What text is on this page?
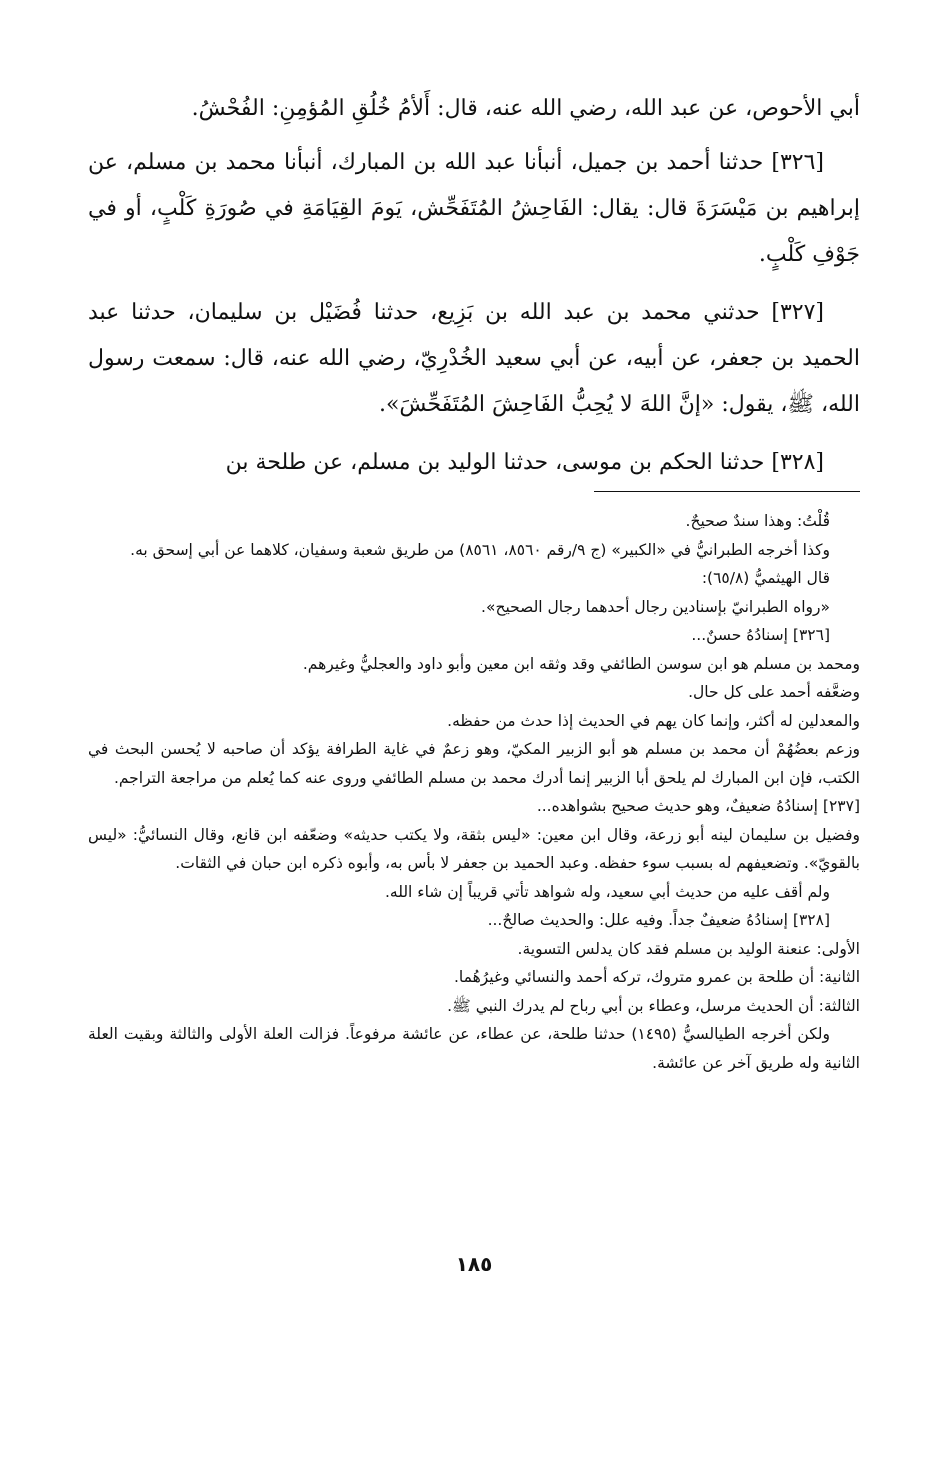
أبي الأحوص، عن عبد الله، رضي الله عنه، قال: أَلأمُ خُلُقِ المُؤمِنِ: الفُحْشُ.

[٣٢٦] حدثنا أحمد بن جميل، أنبأنا عبد الله بن المبارك، أنبأنا محمد بن مسلم، عن إبراهيم بن مَيْسَرَةَ قال: يقال: الفَاحِشُ المُتَفَحِّش، يَومَ القِيَامَةِ في صُورَةِ كَلْبٍ، أو في جَوْفِ كَلْبٍ.

[٣٢٧] حدثني محمد بن عبد الله بن بَزِيع، حدثنا فُضَيْل بن سليمان، حدثنا عبد الحميد بن جعفر، عن أبيه، عن أبي سعيد الخُدْرِيّ، رضي الله عنه، قال: سمعت رسول الله، ﷺ، يقول: «إنَّ اللهَ لا يُحِبُّ الفَاحِشَ المُتَفَحِّشَ».

[٣٢٨] حدثنا الحكم بن موسى، حدثنا الوليد بن مسلم، عن طلحة بن

قُلْتُ: وهذا سندٌ صحيحٌ.

وكذا أخرجه الطبرانيُّ في «الكبير» (ج ٩/رقم ٨٥٦٠، ٨٥٦١) من طريق شعبة وسفيان، كلاهما عن أبي إسحق به.

قال الهيثميُّ (٦٥/٨):

«رواه الطبرانيّ بإسنادين رجال أحدهما رجال الصحيح».

[٣٢٦] إسنادُهُ حسنٌ...

ومحمد بن مسلم هو ابن سوسن الطائفي وقد وثقه ابن معين وأبو داود والعجليُّ وغيرهم.

وضعَّفه أحمد على كل حال.

والمعدلين له أكثر، وإنما كان يهم في الحديث إذا حدث من حفظه.

وزعم بعضُهُمْ أن محمد بن مسلم هو أبو الزبير المكيّ، وهو زعمٌ في غاية الطرافة يؤكد أن صاحبه لا يُحسن البحث في الكتب، فإن ابن المبارك لم يلحق أبا الزبير إنما أدرك محمد بن مسلم الطائفي وروى عنه كما يُعلم من مراجعة التراجم.

[٢٣٧] إسنادُهُ ضعيفٌ، وهو حديث صحيح بشواهده...

وفضيل بن سليمان لينه أبو زرعة، وقال ابن معين: «ليس بثقة، ولا يكتب حديثه» وضعّفه ابن قانع، وقال النسائيُّ: «ليس بالقويّ». وتضعيفهم له بسبب سوء حفظه. وعبد الحميد بن جعفر لا بأس به، وأبوه ذكره ابن حبان في الثقات.

ولم أقف عليه من حديث أبي سعيد، وله شواهد تأتي قريباً إن شاء الله.

[٣٢٨] إسنادُهُ ضعيفٌ جداً. وفيه علل: والحديث صالحٌ...

الأولى: عنعنة الوليد بن مسلم فقد كان يدلس التسوية.

الثانية: أن طلحة بن عمرو متروك، تركه أحمد والنسائي وغيرُهُما.

الثالثة: أن الحديث مرسل، وعطاء بن أبي رباح لم يدرك النبي ﷺ.

ولكن أخرجه الطيالسيُّ (١٤٩٥) حدثنا طلحة، عن عطاء، عن عائشة مرفوعاً. فزالت العلة الأولى والثالثة وبقيت العلة الثانية وله طريق آخر عن عائشة.

١٨٥
